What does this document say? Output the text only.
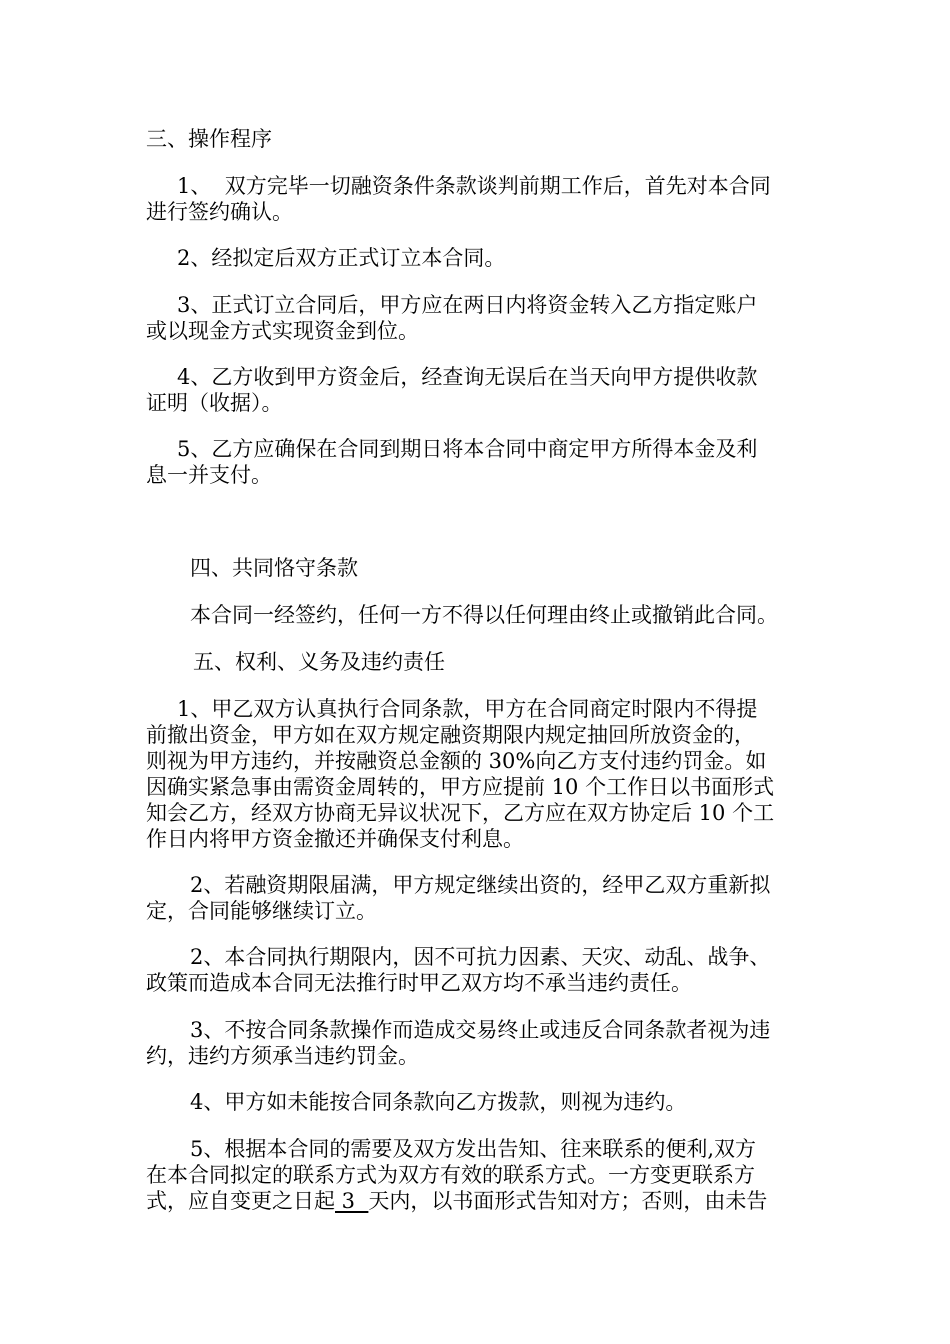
三、操作程序

1、  双方完毕一切融资条件条款谈判前期工作后，首先对本合同

进行签约确认。

2、经拟定后双方正式订立本合同。

3、正式订立合同后，甲方应在两日内将资金转入乙方指定账户

或以现金方式实现资金到位。

4、乙方收到甲方资金后，经查询无误后在当天向甲方提供收款

证明（收据）。

5、乙方应确保在合同到期日将本合同中商定甲方所得本金及利

息一并支付。

四、共同恪守条款

本合同一经签约，任何一方不得以任何理由终止或撤销此合同。

五、权利、义务及违约责任

1、甲乙双方认真执行合同条款，甲方在合同商定时限内不得提

前撤出资金，甲方如在双方规定融资期限内规定抽回所放资金的，

则视为甲方违约，并按融资总金额的 30%向乙方支付违约罚金。如

因确实紧急事由需资金周转的，甲方应提前 10 个工作日以书面形式

知会乙方，经双方协商无异议状况下，乙方应在双方协定后 10 个工

作日内将甲方资金撤还并确保支付利息。

2、若融资期限届满，甲方规定继续出资的，经甲乙双方重新拟

定，合同能够继续订立。

2、本合同执行期限内，因不可抗力因素、天灾、动乱、战争、

政策而造成本合同无法推行时甲乙双方均不承当违约责任。

3、不按合同条款操作而造成交易终止或违反合同条款者视为违

约，违约方须承当违约罚金。

4、甲方如未能按合同条款向乙方拨款，则视为违约。

5、根据本合同的需要及双方发出告知、往来联系的便利,双方

在本合同拟定的联系方式为双方有效的联系方式。一方变更联系方

式，应自变更之日起 3  天内，以书面形式告知对方；否则，由未告
